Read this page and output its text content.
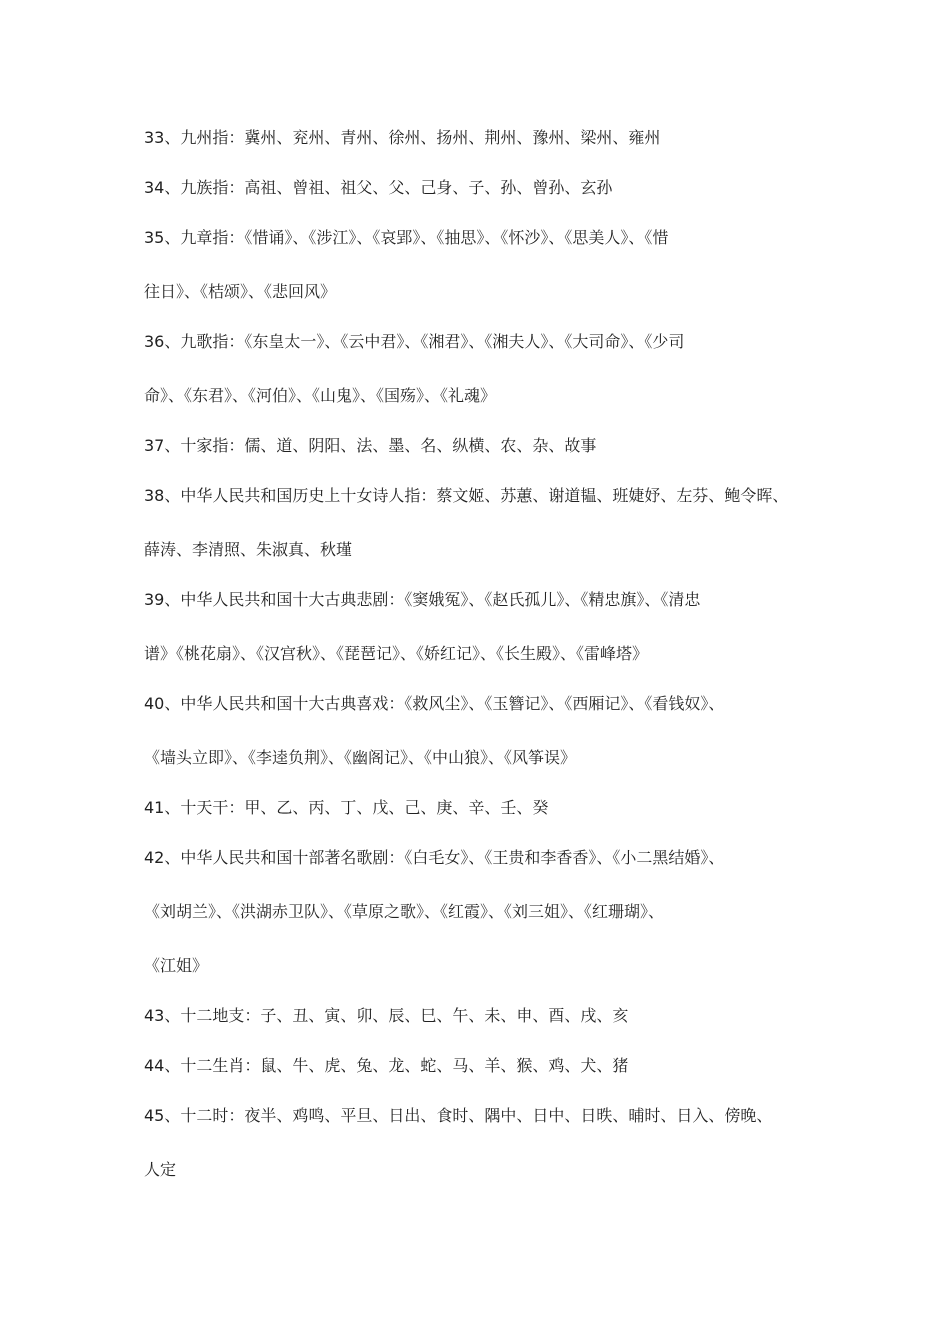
33、九州指：冀州、兖州、青州、徐州、扬州、荆州、豫州、梁州、雍州
34、九族指：高祖、曾祖、祖父、父、己身、子、孙、曾孙、玄孙
35、九章指：《惜诵》、《涉江》、《哀郢》、《抽思》、《怀沙》、《思美人》、《惜
往日》、《桔颂》、《悲回风》
36、九歌指：《东皇太一》、《云中君》、《湘君》、《湘夫人》、《大司命》、《少司
命》、《东君》、《河伯》、《山鬼》、《国殇》、《礼魂》
37、十家指：儒、道、阴阳、法、墨、名、纵横、农、杂、故事
38、中华人民共和国历史上十女诗人指：蔡文姬、苏蕙、谢道韫、班婕妤、左芬、鲍令晖、
薛涛、李清照、朱淑真、秋瑾
39、中华人民共和国十大古典悲剧：《窦娥冤》、《赵氏孤儿》、《精忠旗》、《清忠
谱》《桃花扇》、《汉宫秋》、《琵琶记》、《娇红记》、《长生殿》、《雷峰塔》
40、中华人民共和国十大古典喜戏：《救风尘》、《玉簪记》、《西厢记》、《看钱奴》、
《墙头立即》、《李逵负荆》、《幽阁记》、《中山狼》、《风筝误》
41、十天干：甲、乙、丙、丁、戊、己、庚、辛、壬、癸
42、中华人民共和国十部著名歌剧：《白毛女》、《王贵和李香香》、《小二黑结婚》、
《刘胡兰》、《洪湖赤卫队》、《草原之歌》、《红霞》、《刘三姐》、《红珊瑚》、
《江姐》
43、十二地支：子、丑、寅、卯、辰、巳、午、未、申、酉、戌、亥
44、十二生肖：鼠、牛、虎、兔、龙、蛇、马、羊、猴、鸡、犬、猪
45、十二时：夜半、鸡鸣、平旦、日出、食时、隅中、日中、日昳、晡时、日入、傍晚、
人定
